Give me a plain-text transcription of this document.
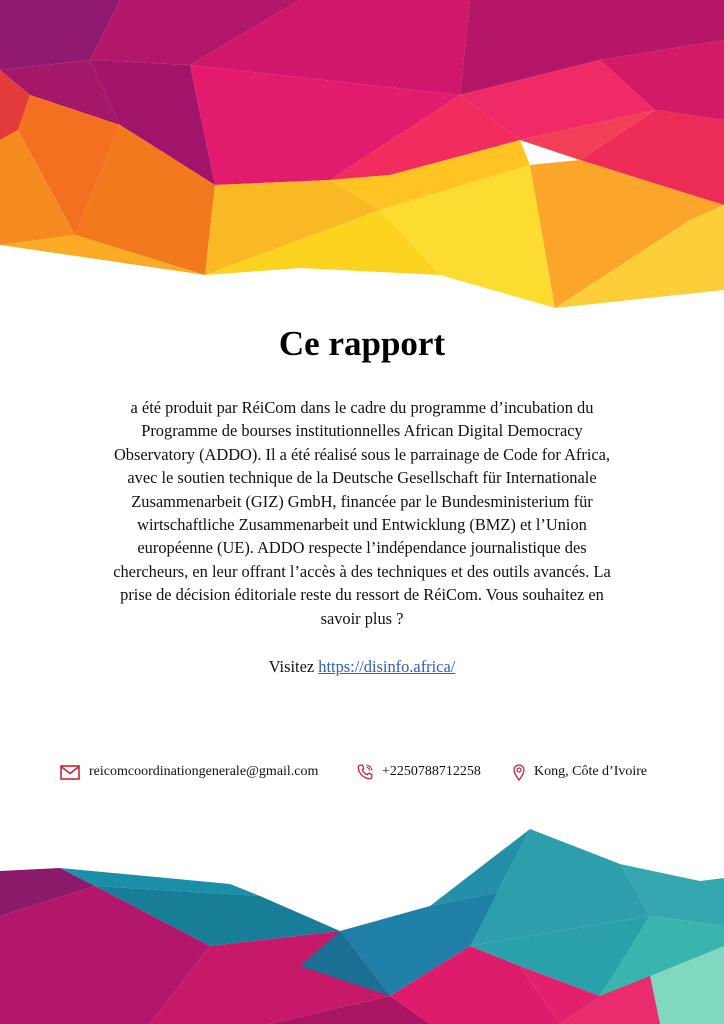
Ce rapport

a été produit par RéiCom dans le cadre du programme d’incubation du Programme de bourses institutionnelles African Digital Democracy Observatory (ADDO). Il a été réalisé sous le parrainage de Code for Africa, avec le soutien technique de la Deutsche Gesellschaft für Internationale Zusammenarbeit (GIZ) GmbH, financée par le Bundesministerium für wirtschaftliche Zusammenarbeit und Entwicklung (BMZ) et l’Union européenne (UE). ADDO respecte l’indépendance journalistique des chercheurs, en leur offrant l’accès à des techniques et des outils avancés. La prise de décision éditoriale reste du ressort de RéiCom. Vous souhaitez en savoir plus ?

Visitez https://disinfo.africa/

reicomcoordinationgenerale@gmail.com	+2250788712258	Kong, Côte d’Ivoire
